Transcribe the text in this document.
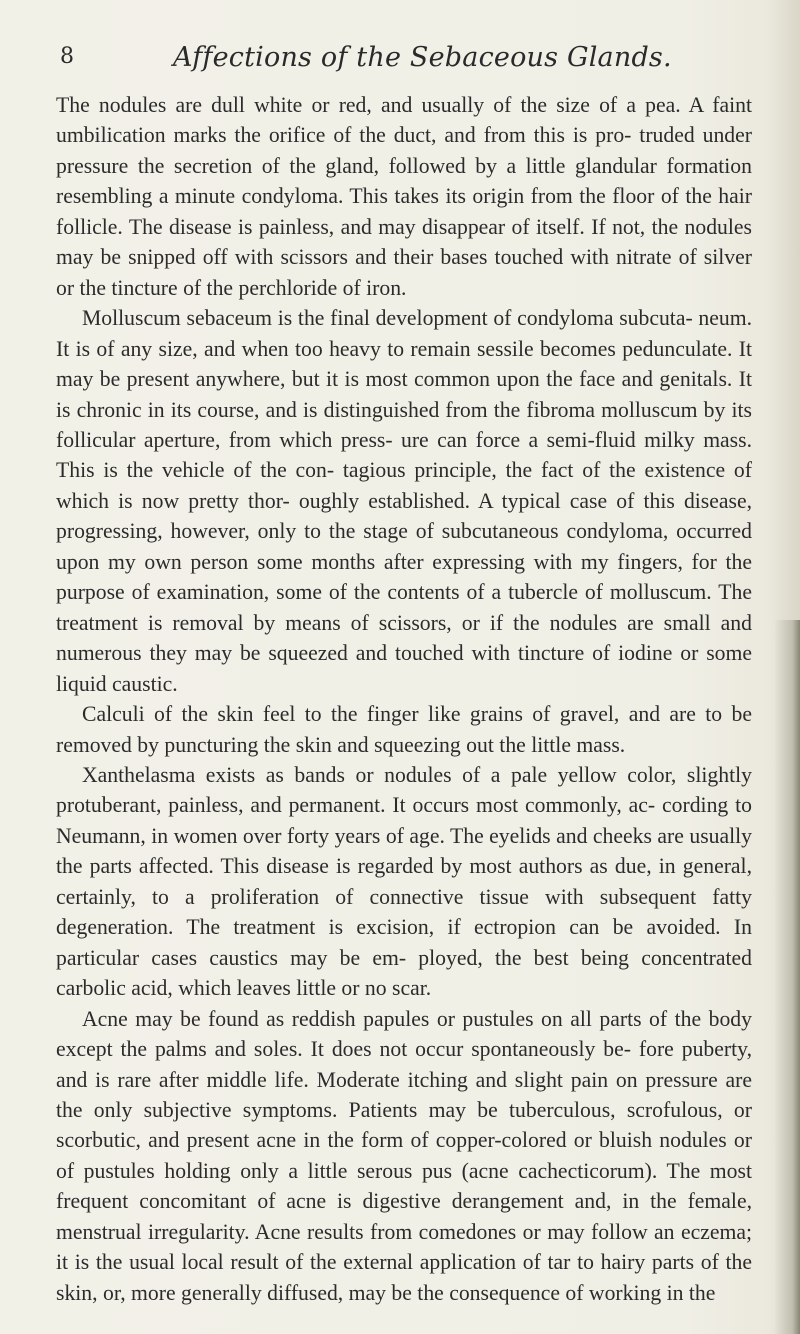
8	Affections of the Sebaceous Glands.

The nodules are dull white or red, and usually of the size of a pea. A faint umbilication marks the orifice of the duct, and from this is pro- truded under pressure the secretion of the gland, followed by a little glandular formation resembling a minute condyloma. This takes its origin from the floor of the hair follicle. The disease is painless, and may disappear of itself. If not, the nodules may be snipped off with scissors and their bases touched with nitrate of silver or the tincture of the perchloride of iron.

Molluscum sebaceum is the final development of condyloma subcuta- neum. It is of any size, and when too heavy to remain sessile becomes pedunculate. It may be present anywhere, but it is most common upon the face and genitals. It is chronic in its course, and is distinguished from the fibroma molluscum by its follicular aperture, from which press- ure can force a semi-fluid milky mass. This is the vehicle of the con- tagious principle, the fact of the existence of which is now pretty thor- oughly established. A typical case of this disease, progressing, however, only to the stage of subcutaneous condyloma, occurred upon my own person some months after expressing with my fingers, for the purpose of examination, some of the contents of a tubercle of molluscum. The treatment is removal by means of scissors, or if the nodules are small and numerous they may be squeezed and touched with tincture of iodine or some liquid caustic.

Calculi of the skin feel to the finger like grains of gravel, and are to be removed by puncturing the skin and squeezing out the little mass.

Xanthelasma exists as bands or nodules of a pale yellow color, slightly protuberant, painless, and permanent. It occurs most commonly, ac- cording to Neumann, in women over forty years of age. The eyelids and cheeks are usually the parts affected. This disease is regarded by most authors as due, in general, certainly, to a proliferation of connective tissue with subsequent fatty degeneration. The treatment is excision, if ectropion can be avoided. In particular cases caustics may be em- ployed, the best being concentrated carbolic acid, which leaves little or no scar.

Acne may be found as reddish papules or pustules on all parts of the body except the palms and soles. It does not occur spontaneously be- fore puberty, and is rare after middle life. Moderate itching and slight pain on pressure are the only subjective symptoms. Patients may be tuberculous, scrofulous, or scorbutic, and present acne in the form of copper-colored or bluish nodules or of pustules holding only a little serous pus (acne cachecticorum). The most frequent concomitant of acne is digestive derangement and, in the female, menstrual irregularity. Acne results from comedones or may follow an eczema; it is the usual local result of the external application of tar to hairy parts of the skin, or, more generally diffused, may be the consequence of working in the
